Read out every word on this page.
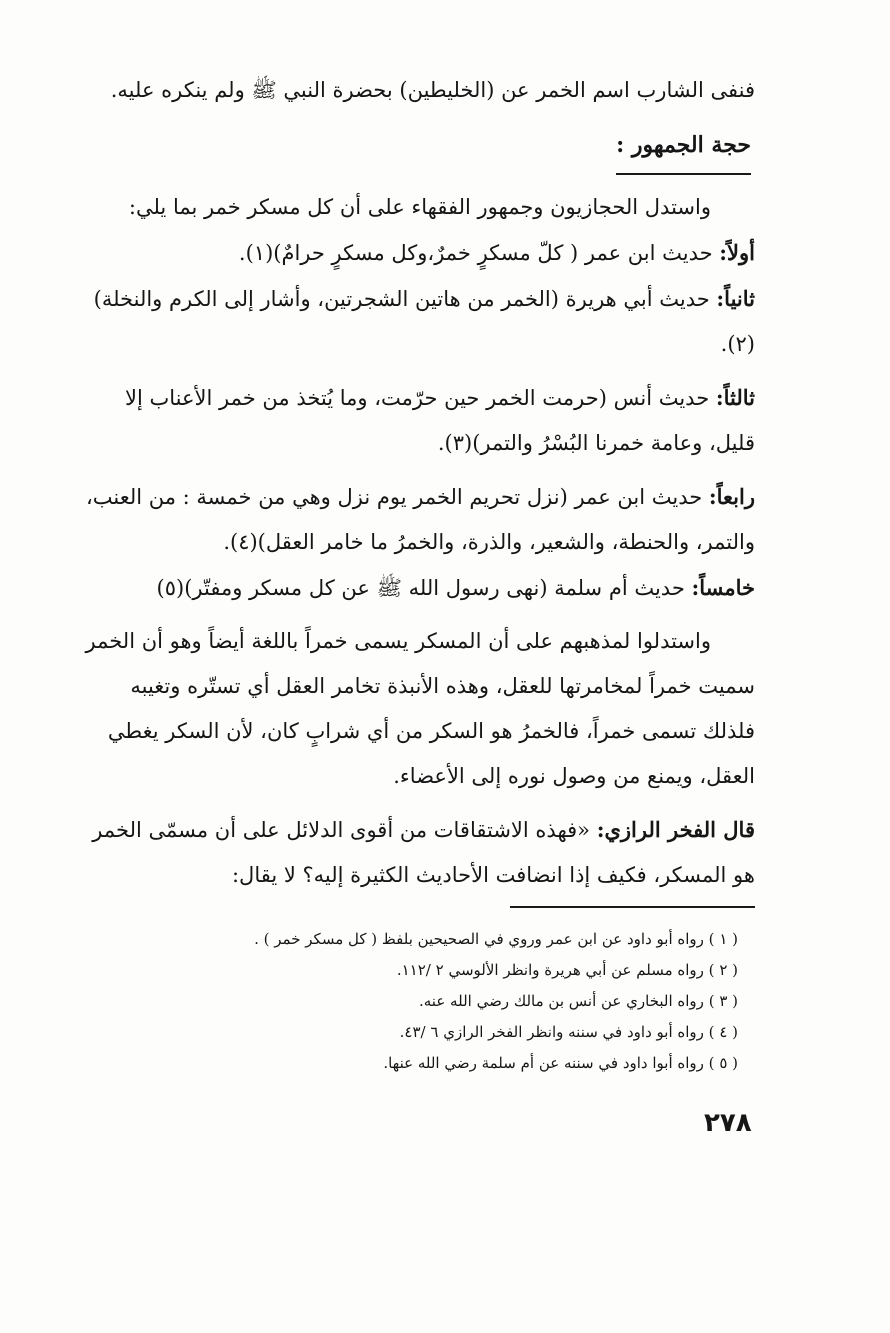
فنفى الشارب اسم الخمر عن (الخليطين) بحضرة النبي ﷺ ولم ينكره عليه.

حجة الجمهور :

واستدل الحجازيون وجمهور الفقهاء على أن كل مسكر خمر بما يلي:

أولاً: حديث ابن عمر ( كلّ مسكرٍ خمرٌ،وكل مسكرٍ حرامٌ)(١).

ثانياً: حديث أبي هريرة (الخمر من هاتين الشجرتين، وأشار إلى الكرم والنخلة)(٢).

ثالثاً: حديث أنس (حرمت الخمر حين حرّمت، وما يُتخذ من خمر الأعناب إلا قليل، وعامة خمرنا البُسْرُ والتمر)(٣).

رابعاً: حديث ابن عمر (نزل تحريم الخمر يوم نزل وهي من خمسة : من العنب، والتمر، والحنطة، والشعير، والذرة، والخمرُ ما خامر العقل)(٤).

خامساً: حديث أم سلمة (نهى رسول الله ﷺ عن كل مسكر ومفتّر)(٥)

واستدلوا لمذهبهم على أن المسكر يسمى خمراً باللغة أيضاً وهو أن الخمر سميت خمراً لمخامرتها للعقل، وهذه الأنبذة تخامر العقل أي تستّره وتغيبه فلذلك تسمى خمراً، فالخمرُ هو السكر من أي شرابٍ كان، لأن السكر يغطي العقل، ويمنع من وصول نوره إلى الأعضاء.

قال الفخر الرازي: «فهذه الاشتقاقات من أقوى الدلائل على أن مسمّى الخمر هو المسكر، فكيف إذا انضافت الأحاديث الكثيرة إليه؟ لا يقال:

( ١ ) رواه أبو داود عن ابن عمر وروي في الصحيحين بلفظ ( كل مسكر خمر ) .
( ٢ ) رواه مسلم عن أبي هريرة وانظر الألوسي ٢ /١١٢.
( ٣ ) رواه البخاري عن أنس بن مالك رضي الله عنه.
( ٤ ) رواه أبو داود في سننه وانظر الفخر الرازي ٦ /٤٣.
( ٥ ) رواه أبوا داود في سننه عن أم سلمة رضي الله عنها.
٢٧٨
